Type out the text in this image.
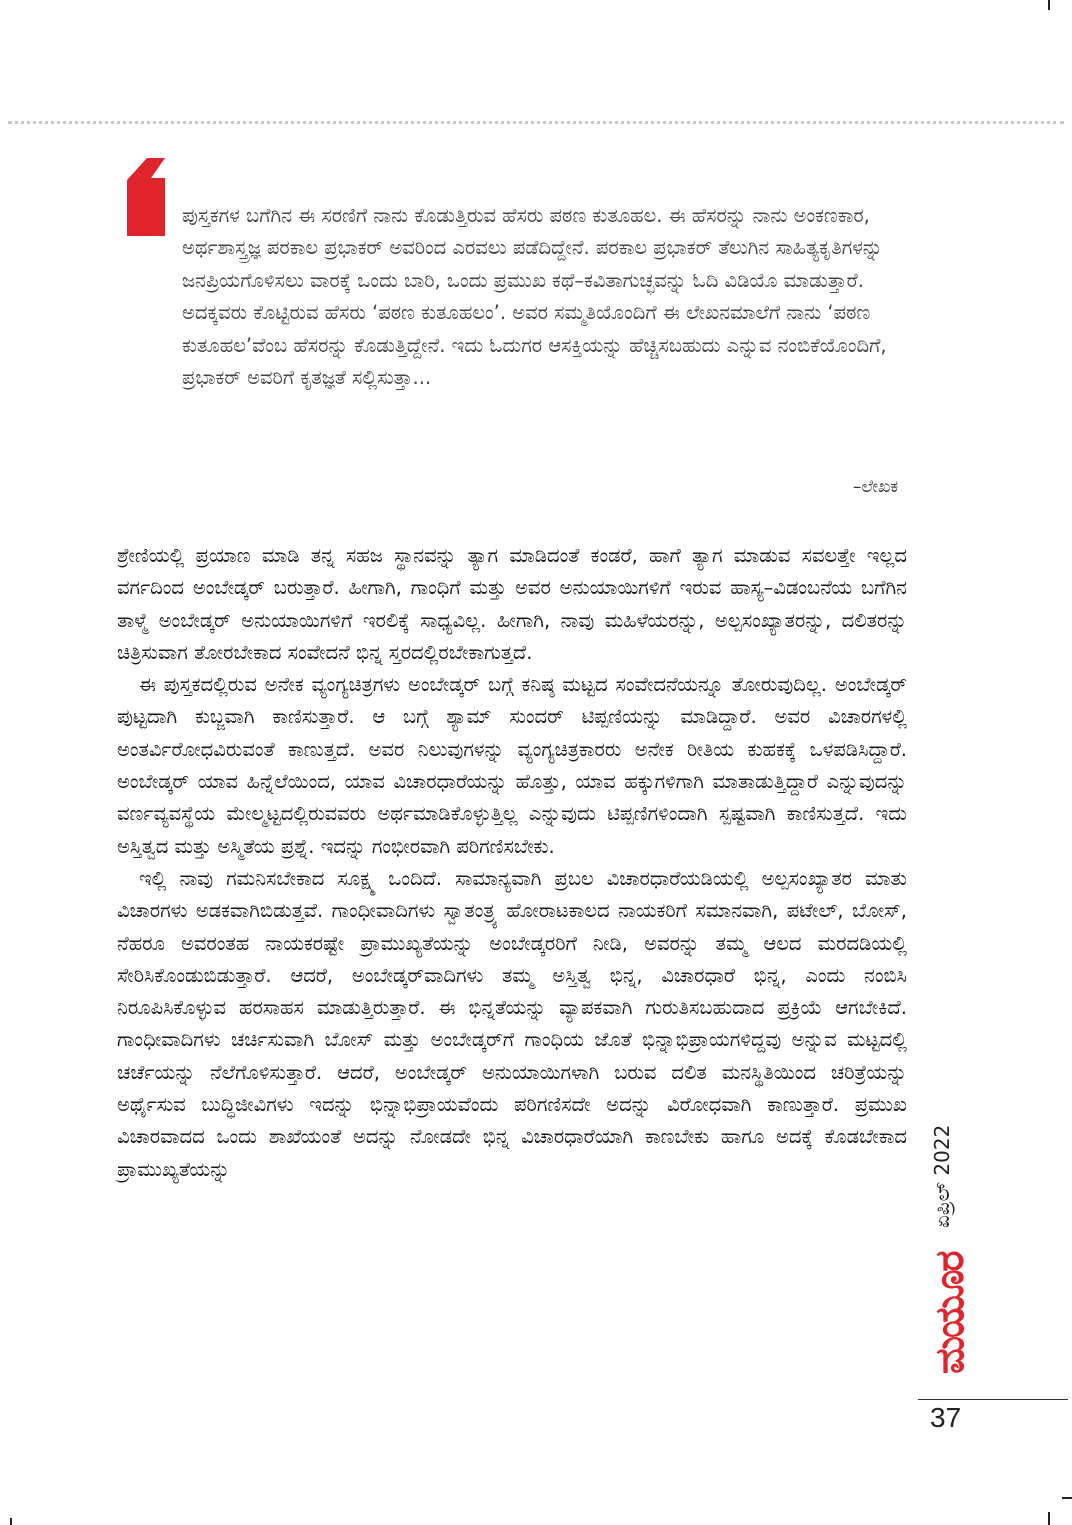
ಪುಸ್ತಕಗಳ ಬಗೆಗಿನ ಈ ಸರಣಿಗೆ ನಾನು ಕೊಡುತ್ತಿರುವ ಹೆಸರು ಪಠಣ ಕುತೂಹಲ. ಈ ಹೆಸರನ್ನು ನಾನು ಅಂಕಣಕಾರ, ಅರ್ಥಶಾಸ್ತ್ರಜ್ಞ ಪರಕಾಲ ಪ್ರಭಾಕರ್ ಅವರಿಂದ ಎರವಲು ಪಡೆದಿದ್ದೇನೆ. ಪರಕಾಲ ಪ್ರಭಾಕರ್ ತೆಲುಗಿನ ಸಾಹಿತ್ಯಕೃತಿಗಳನ್ನು ಜನಪ್ರಿಯಗೊಳಿಸಲು ವಾರಕ್ಕೆ ಒಂದು ಬಾರಿ, ಒಂದು ಪ್ರಮುಖ ಕಥೆ–ಕವಿತಾಗುಚ್ಛವನ್ನು ಓದಿ ವಿಡಿಯೊ ಮಾಡುತ್ತಾರೆ. ಅದಕ್ಕವರು ಕೊಟ್ಟಿರುವ ಹೆಸರು ‘ಪಠಣ ಕುತೂಹಲಂ’. ಅವರ ಸಮ್ಮತಿಯೊಂದಿಗೆ ಈ ಲೇಖನಮಾಲೆಗೆ ನಾನು ‘ಪಠಣ ಕುತೂಹಲ’ವೆಂಬ ಹೆಸರನ್ನು ಕೊಡುತ್ತಿದ್ದೇನೆ. ಇದು ಓದುಗರ ಆಸಕ್ತಿಯನ್ನು ಹೆಚ್ಚಿಸಬಹುದು ಎನ್ನುವ ನಂಬಿಕೆಯೊಂದಿಗೆ, ಪ್ರಭಾಕರ್ ಅವರಿಗೆ ಕೃತಜ್ಞತೆ ಸಲ್ಲಿಸುತ್ತಾ...

–ಲೇಖಕ

ಶ್ರೇಣಿಯಲ್ಲಿ ಪ್ರಯಾಣ ಮಾಡಿ ತನ್ನ ಸಹಜ ಸ್ಥಾನವನ್ನು ತ್ಯಾಗ ಮಾಡಿದಂತೆ ಕಂಡರೆ, ಹಾಗೆ ತ್ಯಾಗ ಮಾಡುವ ಸವಲತ್ತೇ ಇಲ್ಲದ ವರ್ಗದಿಂದ ಅಂಬೇಡ್ಕರ್ ಬರುತ್ತಾರೆ. ಹೀಗಾಗಿ, ಗಾಂಧಿಗೆ ಮತ್ತು ಅವರ ಅನುಯಾಯಿಗಳಿಗೆ ಇರುವ ಹಾಸ್ಯ–ವಿಡಂಬನೆಯ ಬಗೆಗಿನ ತಾಳ್ಮೆ ಅಂಬೇಡ್ಕರ್ ಅನುಯಾಯಿಗಳಿಗೆ ಇರಲಿಕ್ಕೆ ಸಾಧ್ಯವಿಲ್ಲ. ಹೀಗಾಗಿ, ನಾವು ಮಹಿಳೆಯರನ್ನು, ಅಲ್ಪಸಂಖ್ಯಾತರನ್ನು, ದಲಿತರನ್ನು ಚಿತ್ರಿಸುವಾಗ ತೋರಬೇಕಾದ ಸಂವೇದನೆ ಭಿನ್ನ ಸ್ತರದಲ್ಲಿರಬೇಕಾಗುತ್ತದೆ.

ಈ ಪುಸ್ತಕದಲ್ಲಿರುವ ಅನೇಕ ವ್ಯಂಗ್ಯಚಿತ್ರಗಳು ಅಂಬೇಡ್ಕರ್ ಬಗ್ಗೆ ಕನಿಷ್ಠ ಮಟ್ಟದ ಸಂವೇದನೆಯನ್ನೂ ತೋರುವುದಿಲ್ಲ. ಅಂಬೇಡ್ಕರ್ ಪುಟ್ಟದಾಗಿ ಕುಬ್ಜವಾಗಿ ಕಾಣಿಸುತ್ತಾರೆ. ಆ ಬಗ್ಗೆ ಶ್ಯಾಮ್ ಸುಂದರ್ ಟಿಪ್ಪಣಿಯನ್ನು ಮಾಡಿದ್ದಾರೆ. ಅವರ ವಿಚಾರಗಳಲ್ಲಿ ಅಂತರ್ವಿರೋಧವಿರುವಂತೆ ಕಾಣುತ್ತದೆ. ಅವರ ನಿಲುವುಗಳನ್ನು ವ್ಯಂಗ್ಯಚಿತ್ರಕಾರರು ಅನೇಕ ರೀತಿಯ ಕುಹಕಕ್ಕೆ ಒಳಪಡಿಸಿದ್ದಾರೆ. ಅಂಬೇಡ್ಕರ್ ಯಾವ ಹಿನ್ನೆಲೆಯಿಂದ, ಯಾವ ವಿಚಾರಧಾರೆಯನ್ನು ಹೊತ್ತು, ಯಾವ ಹಕ್ಕುಗಳಿಗಾಗಿ ಮಾತಾಡುತ್ತಿದ್ದಾರೆ ಎನ್ನುವುದನ್ನು ವರ್ಣವ್ಯವಸ್ಥೆಯ ಮೇಲ್ಮಟ್ಟದಲ್ಲಿರುವವರು ಅರ್ಥಮಾಡಿಕೊಳ್ಳುತ್ತಿಲ್ಲ ಎನ್ನುವುದು ಟಿಪ್ಪಣಿಗಳಿಂದಾಗಿ ಸ್ಪಷ್ಟವಾಗಿ ಕಾಣಿಸುತ್ತದೆ. ಇದು ಅಸ್ತಿತ್ವದ ಮತ್ತು ಅಸ್ಮಿತೆಯ ಪ್ರಶ್ನೆ. ಇದನ್ನು ಗಂಭೀರವಾಗಿ ಪರಿಗಣಿಸಬೇಕು.

ಇಲ್ಲಿ ನಾವು ಗಮನಿಸಬೇಕಾದ ಸೂಕ್ಷ್ಮ ಒಂದಿದೆ. ಸಾಮಾನ್ಯವಾಗಿ ಪ್ರಬಲ ವಿಚಾರಧಾರೆಯಡಿಯಲ್ಲಿ ಅಲ್ಪಸಂಖ್ಯಾತರ ಮಾತು ವಿಚಾರಗಳು ಅಡಕವಾಗಿಬಿಡುತ್ತವೆ. ಗಾಂಧೀವಾದಿಗಳು ಸ್ವಾತಂತ್ರ್ಯ ಹೋರಾಟಕಾಲದ ನಾಯಕರಿಗೆ ಸಮಾನವಾಗಿ, ಪಟೇಲ್, ಬೋಸ್, ನೆಹರೂ ಅವರಂತಹ ನಾಯಕರಷ್ಟೇ ಪ್ರಾಮುಖ್ಯತೆಯನ್ನು ಅಂಬೇಡ್ಕರರಿಗೆ ನೀಡಿ, ಅವರನ್ನು ತಮ್ಮ ಆಲದ ಮರದಡಿಯಲ್ಲಿ ಸೇರಿಸಿಕೊಂಡುಬಿಡುತ್ತಾರೆ. ಆದರೆ, ಅಂಬೇಡ್ಕರ್‌ವಾದಿಗಳು ತಮ್ಮ ಅಸ್ತಿತ್ವ ಭಿನ್ನ, ವಿಚಾರಧಾರೆ ಭಿನ್ನ, ಎಂದು ನಂಬಿಸಿ ನಿರೂಪಿಸಿಕೊಳ್ಳುವ ಹರಸಾಹಸ ಮಾಡುತ್ತಿರುತ್ತಾರೆ. ಈ ಭಿನ್ನತೆಯನ್ನು ವ್ಯಾಪಕವಾಗಿ ಗುರುತಿಸಬಹುದಾದ ಪ್ರಕ್ರಿಯೆ ಆಗಬೇಕಿದೆ. ಗಾಂಧೀವಾದಿಗಳು ಚರ್ಚಿಸುವಾಗಿ ಬೋಸ್ ಮತ್ತು ಅಂಬೇಡ್ಕರ್‌ಗೆ ಗಾಂಧಿಯ ಜೊತೆ ಭಿನ್ನಾಭಿಪ್ರಾಯಗಳಿದ್ದವು ಅನ್ನುವ ಮಟ್ಟದಲ್ಲಿ ಚರ್ಚೆಯನ್ನು ನೆಲೆಗೊಳಿಸುತ್ತಾರೆ. ಆದರೆ, ಅಂಬೇಡ್ಕರ್ ಅನುಯಾಯಿಗಳಾಗಿ ಬರುವ ದಲಿತ ಮನಸ್ಥಿತಿಯಿಂದ ಚರಿತ್ರೆಯನ್ನು ಅರ್ಥೈಸುವ ಬುದ್ಧಿಜೀವಿಗಳು ಇದನ್ನು ಭಿನ್ನಾಭಿಪ್ರಾಯವೆಂದು ಪರಿಗಣಿಸದೇ ಅದನ್ನು ವಿರೋಧವಾಗಿ ಕಾಣುತ್ತಾರೆ. ಪ್ರಮುಖ ವಿಚಾರವಾದದ ಒಂದು ಶಾಖೆಯಂತೆ ಅದನ್ನು ನೋಡದೇ ಭಿನ್ನ ವಿಚಾರಧಾರೆಯಾಗಿ ಕಾಣಬೇಕು ಹಾಗೂ ಅದಕ್ಕೆ ಕೊಡಬೇಕಾದ ಪ್ರಾಮುಖ್ಯತೆಯನ್ನು	ಏಪ್ರಿಲ್ 2022
ಮಯೂರ
37
